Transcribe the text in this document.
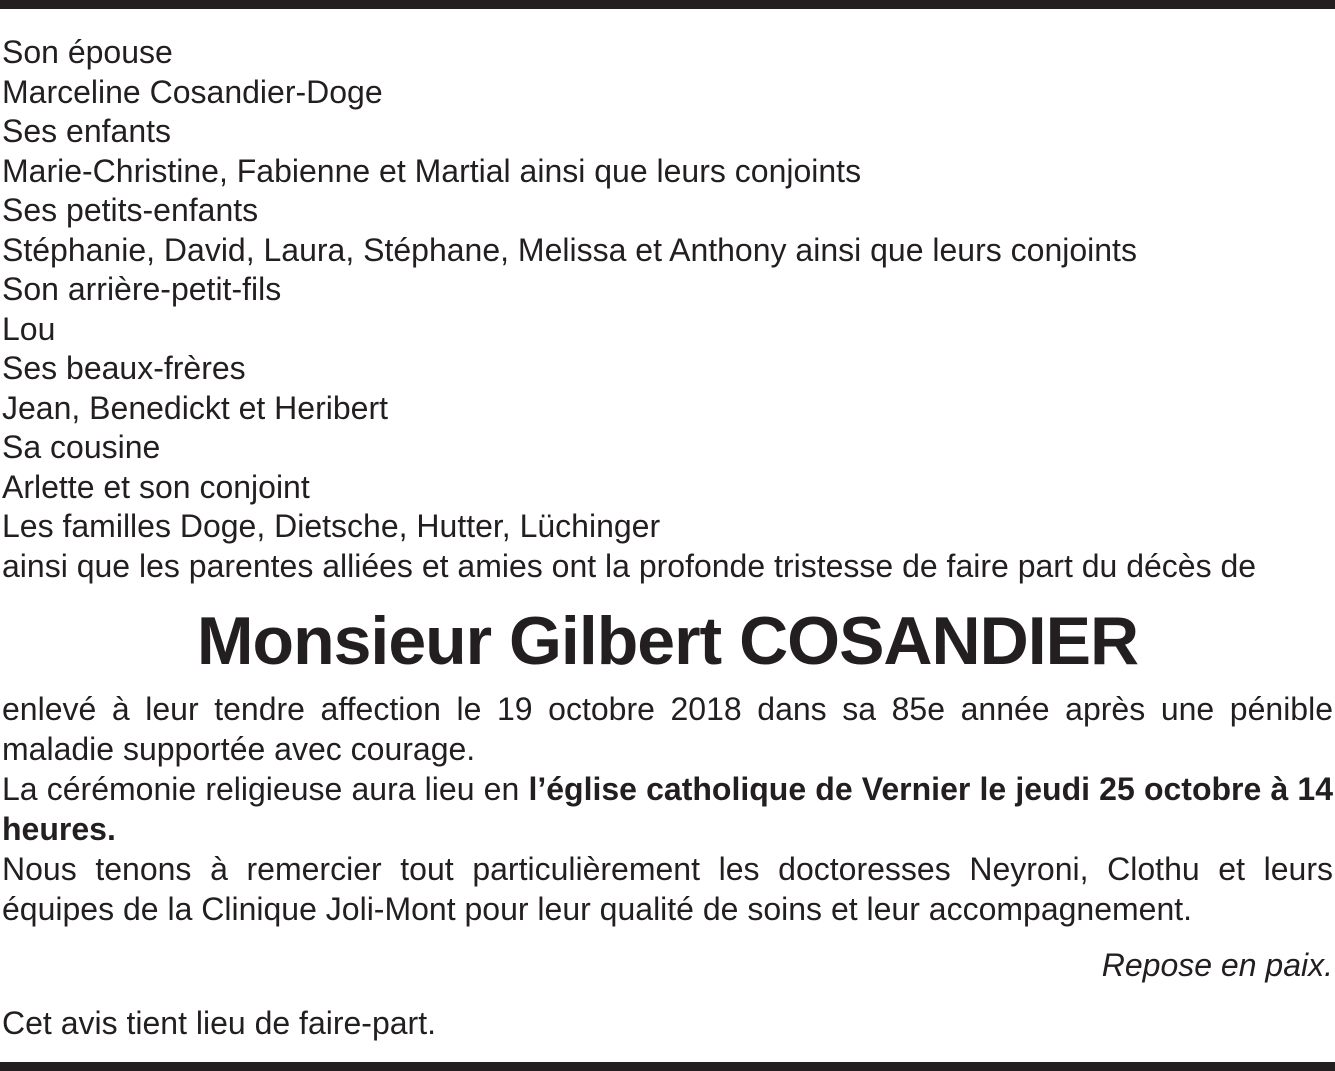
Son épouse
Marceline Cosandier-Doge
Ses enfants
Marie-Christine, Fabienne et Martial ainsi que leurs conjoints
Ses petits-enfants
Stéphanie, David, Laura, Stéphane, Melissa et Anthony ainsi que leurs conjoints
Son arrière-petit-fils
Lou
Ses beaux-frères
Jean, Benedickt et Heribert
Sa cousine
Arlette et son conjoint
Les familles Doge, Dietsche, Hutter, Lüchinger
ainsi que les parentes alliées et amies ont la profonde tristesse de faire part du décès de
Monsieur Gilbert COSANDIER

enlevé à leur tendre affection le 19 octobre 2018 dans sa 85e année après une pénible maladie supportée avec courage.

La cérémonie religieuse aura lieu en l’église catholique de Vernier le jeudi 25 octobre à 14 heures.

Nous tenons à remercier tout particulièrement les doctoresses Neyroni, Clothu et leurs équipes de la Clinique Joli-Mont pour leur qualité de soins et leur accompagnement.

Repose en paix.
Cet avis tient lieu de faire-part.
